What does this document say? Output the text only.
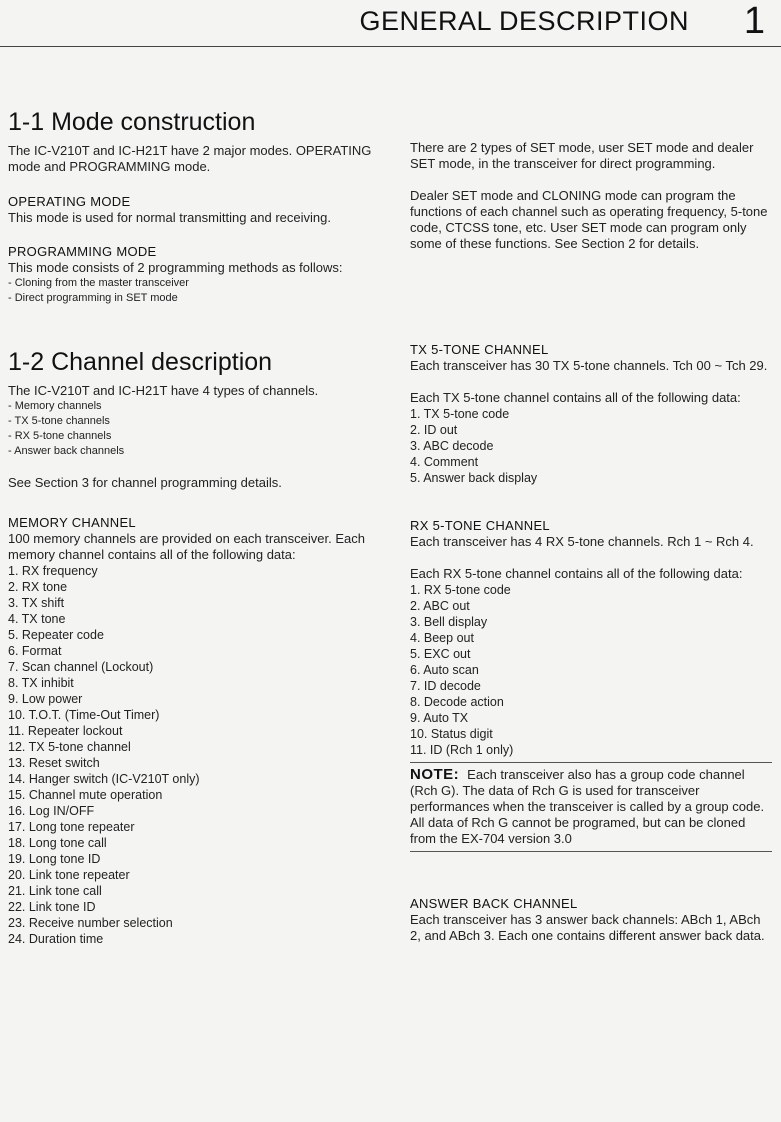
GENERAL DESCRIPTION 1
1-1 Mode construction

The IC-V210T and IC-H21T have 2 major modes. OPERATING mode and PROGRAMMING mode.

OPERATING MODE

This mode is used for normal transmitting and receiving.

PROGRAMMING MODE

This mode consists of 2 programming methods as follows:

- Cloning from the master transceiver
- Direct programming in SET mode
1-2 Channel description

The IC-V210T and IC-H21T have 4 types of channels.

- Memory channels
- TX 5-tone channels
- RX 5-tone channels
- Answer back channels

See Section 3 for channel programming details.

MEMORY CHANNEL

100 memory channels are provided on each transceiver. Each memory channel contains all of the following data:

1. RX frequency
2. RX tone
3. TX shift
4. TX tone
5. Repeater code
6. Format
7. Scan channel (Lockout)
8. TX inhibit
9. Low power
10. T.O.T. (Time-Out Timer)
11. Repeater lockout
12. TX 5-tone channel
13. Reset switch
14. Hanger switch (IC-V210T only)
15. Channel mute operation
16. Log IN/OFF
17. Long tone repeater
18. Long tone call
19. Long tone ID
20. Link tone repeater
21. Link tone call
22. Link tone ID
23. Receive number selection
24. Duration time

There are 2 types of SET mode, user SET mode and dealer SET mode, in the transceiver for direct programming.

Dealer SET mode and CLONING mode can program the functions of each channel such as operating frequency, 5-tone code, CTCSS tone, etc. User SET mode can program only some of these functions. See Section 2 for details.

TX 5-TONE CHANNEL

Each transceiver has 30 TX 5-tone channels. Tch 00 ~ Tch 29.

Each TX 5-tone channel contains all of the following data:

1. TX 5-tone code
2. ID out
3. ABC decode
4. Comment
5. Answer back display
RX 5-TONE CHANNEL

Each transceiver has 4 RX 5-tone channels. Rch 1 ~ Rch 4.

Each RX 5-tone channel contains all of the following data:

1. RX 5-tone code
2. ABC out
3. Bell display
4. Beep out
5. EXC out
6. Auto scan
7. ID decode
8. Decode action
9. Auto TX
10. Status digit
11. ID (Rch 1 only)
NOTE: Each transceiver also has a group code channel (Rch G). The data of Rch G is used for transceiver performances when the transceiver is called by a group code. All data of Rch G cannot be programed, but can be cloned from the EX-704 version 3.0
ANSWER BACK CHANNEL

Each transceiver has 3 answer back channels: ABch 1, ABch 2, and ABch 3. Each one contains different answer back data.
